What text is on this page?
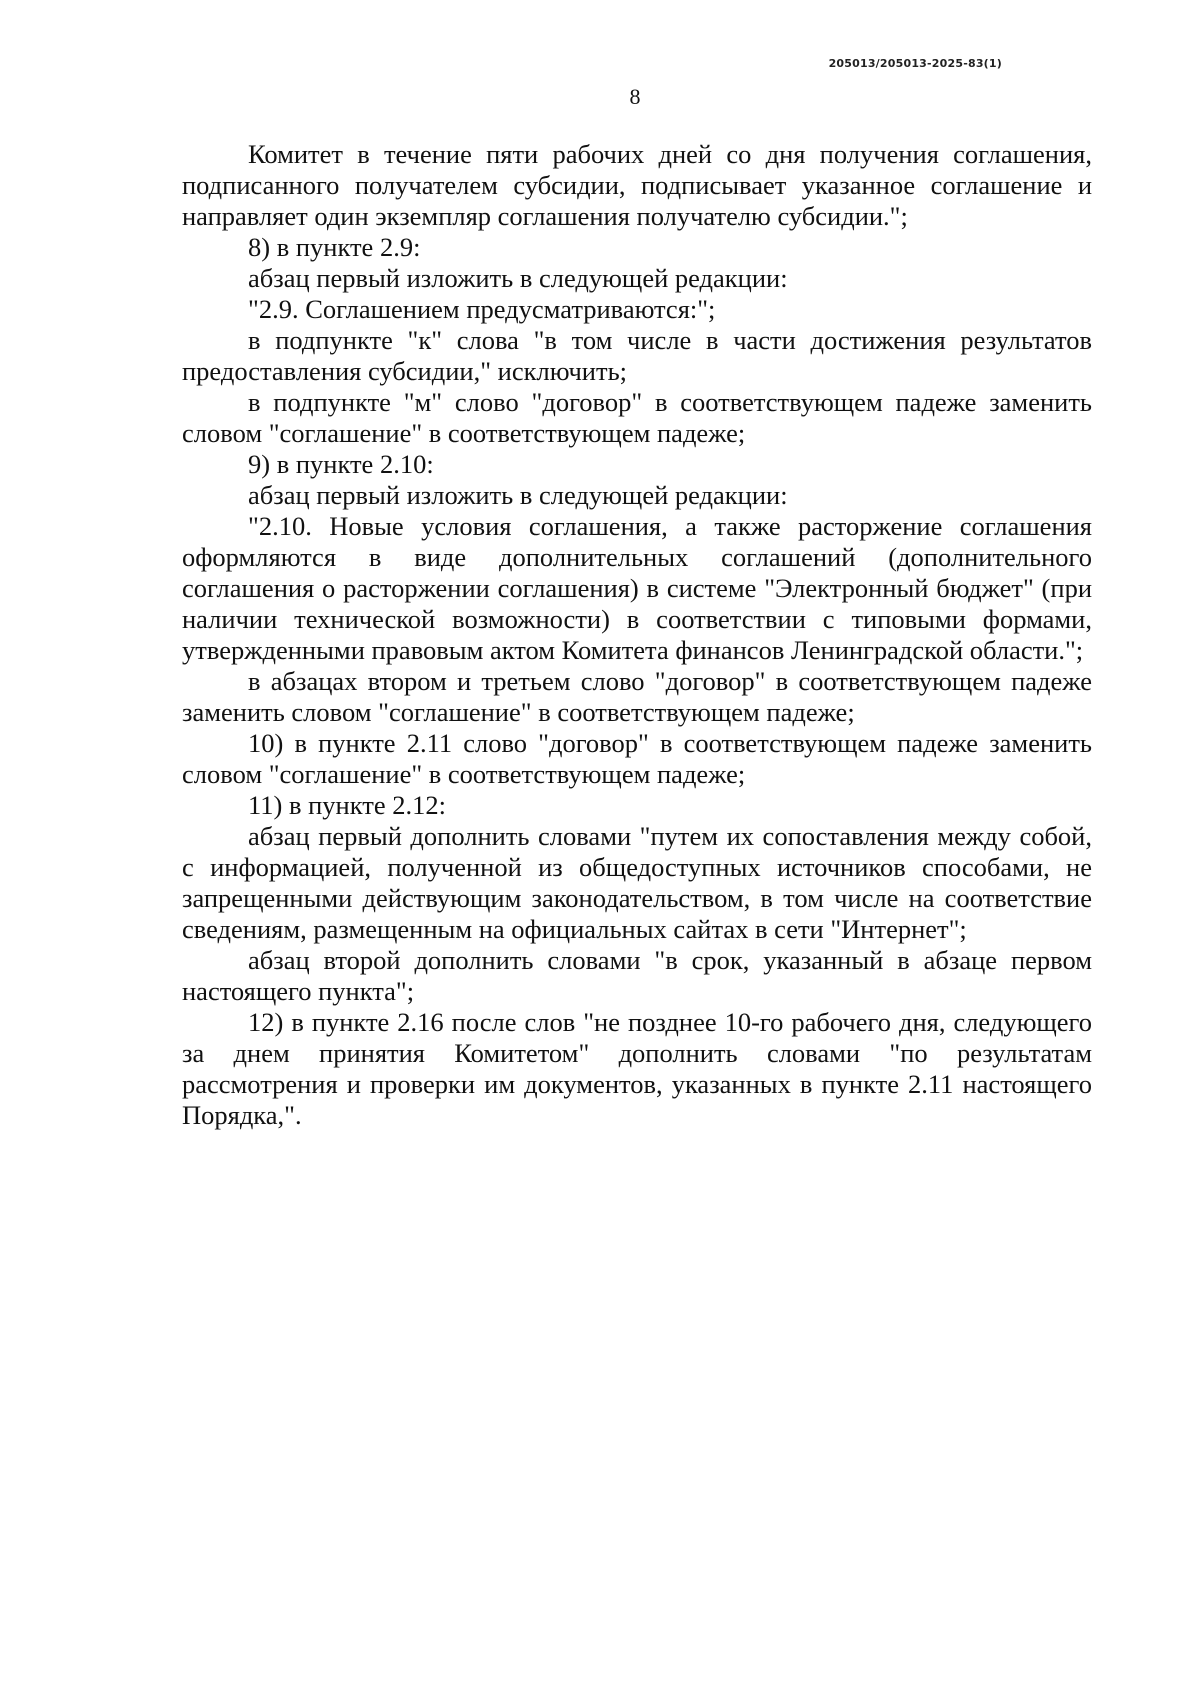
205013/205013-2025-83(1)
8

Комитет в течение пяти рабочих дней со дня получения соглашения, подписанного получателем субсидии, подписывает указанное соглашение и направляет один экземпляр соглашения получателю субсидии.";

8) в пункте 2.9:

абзац первый изложить в следующей редакции:

"2.9. Соглашением предусматриваются:";

в подпункте "к" слова "в том числе в части достижения результатов предоставления субсидии," исключить;

в подпункте "м" слово "договор" в соответствующем падеже заменить словом "соглашение" в соответствующем падеже;

9) в пункте 2.10:

абзац первый изложить в следующей редакции:

"2.10. Новые условия соглашения, а также расторжение соглашения оформляются в виде дополнительных соглашений (дополнительного соглашения о расторжении соглашения) в системе "Электронный бюджет" (при наличии технической возможности) в соответствии с типовыми формами, утвержденными правовым актом Комитета финансов Ленинградской области.";

в абзацах втором и третьем слово "договор" в соответствующем падеже заменить словом "соглашение" в соответствующем падеже;

10) в пункте 2.11 слово "договор" в соответствующем падеже заменить словом "соглашение" в соответствующем падеже;

11) в пункте 2.12:

абзац первый дополнить словами "путем их сопоставления между собой, с информацией, полученной из общедоступных источников способами, не запрещенными действующим законодательством, в том числе на соответствие сведениям, размещенным на официальных сайтах в сети "Интернет";

абзац второй дополнить словами "в срок, указанный в абзаце первом настоящего пункта";

12) в пункте 2.16 после слов "не позднее 10-го рабочего дня, следующего за днем принятия Комитетом" дополнить словами "по результатам рассмотрения и проверки им документов, указанных в пункте 2.11 настоящего Порядка,".
